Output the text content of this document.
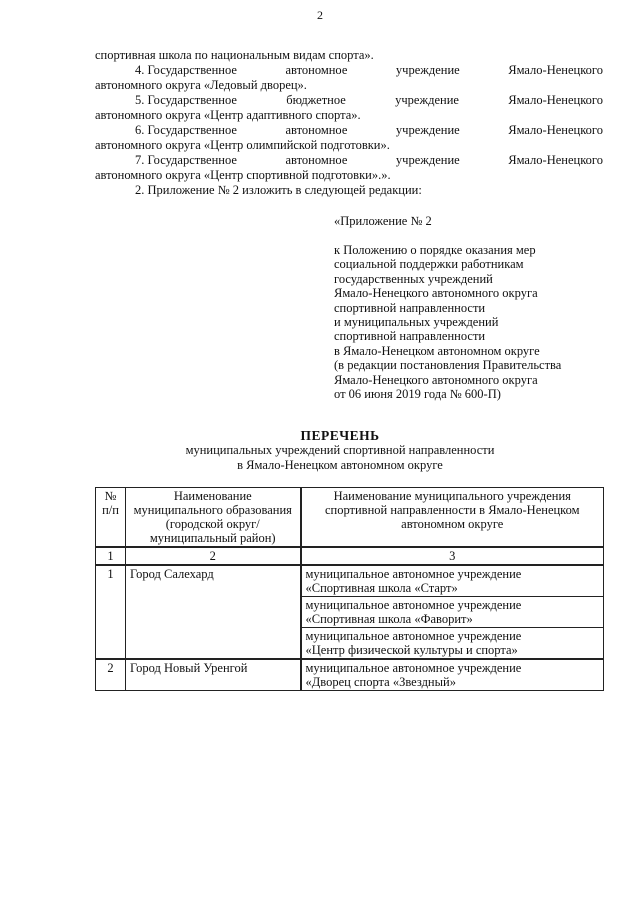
2
спортивная школа по национальным видам спорта».
4. Государственное	автономное	учреждение	Ямало-Ненецкого
автономного округа «Ледовый дворец».
5. Государственное	бюджетное	учреждение	Ямало-Ненецкого
автономного округа «Центр адаптивного спорта».
6. Государственное	автономное	учреждение	Ямало-Ненецкого
автономного округа «Центр олимпийской подготовки».
7. Государственное	автономное	учреждение	Ямало-Ненецкого
автономного округа «Центр спортивной подготовки».».
2. Приложение № 2 изложить в следующей редакции:
«Приложение № 2
к Положению о порядке оказания мер
социальной поддержки работникам
государственных учреждений
Ямало-Ненецкого автономного округа
спортивной направленности
и муниципальных учреждений
спортивной направленности
в Ямало-Ненецком автономном округе
(в редакции постановления Правительства
Ямало-Ненецкого автономного округа
от 06 июня 2019 года № 600-П)
ПЕРЕЧЕНЬ
муниципальных учреждений спортивной направленности
в Ямало-Ненецком автономном округе
№ п/п	Наименование муниципального образования (городской округ/муниципальный район)	Наименование муниципального учреждения спортивной направленности в Ямало-Ненецком автономном округе
1	2	3
1	Город Салехард	муниципальное автономное учреждение
«Спортивная школа «Старт»

		муниципальное автономное учреждение
«Спортивная школа «Фаворит»

		муниципальное автономное учреждение
«Центр физической культуры и спорта»

2	Город Новый Уренгой	муниципальное автономное учреждение
«Дворец спорта «Звездный»
